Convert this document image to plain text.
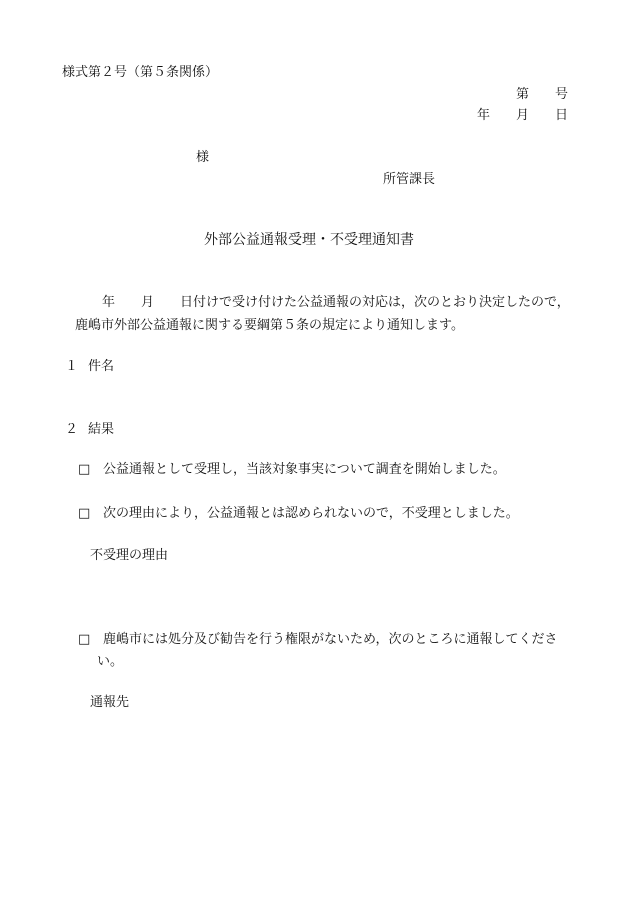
様式第２号（第５条関係）
第　　号
年　　月　　日
様
所管課長
外部公益通報受理・不受理通知書
年　　月　　日付けで受け付けた公益通報の対応は，次のとおり決定したので，
鹿嶋市外部公益通報に関する要綱第５条の規定により通知します。
１ 件名
２ 結果
□ 公益通報として受理し，当該対象事実について調査を開始しました。
□ 次の理由により，公益通報とは認められないので，不受理としました。
不受理の理由
□ 鹿嶋市には処分及び勧告を行う権限がないため，次のところに通報してくださ
い。
通報先
